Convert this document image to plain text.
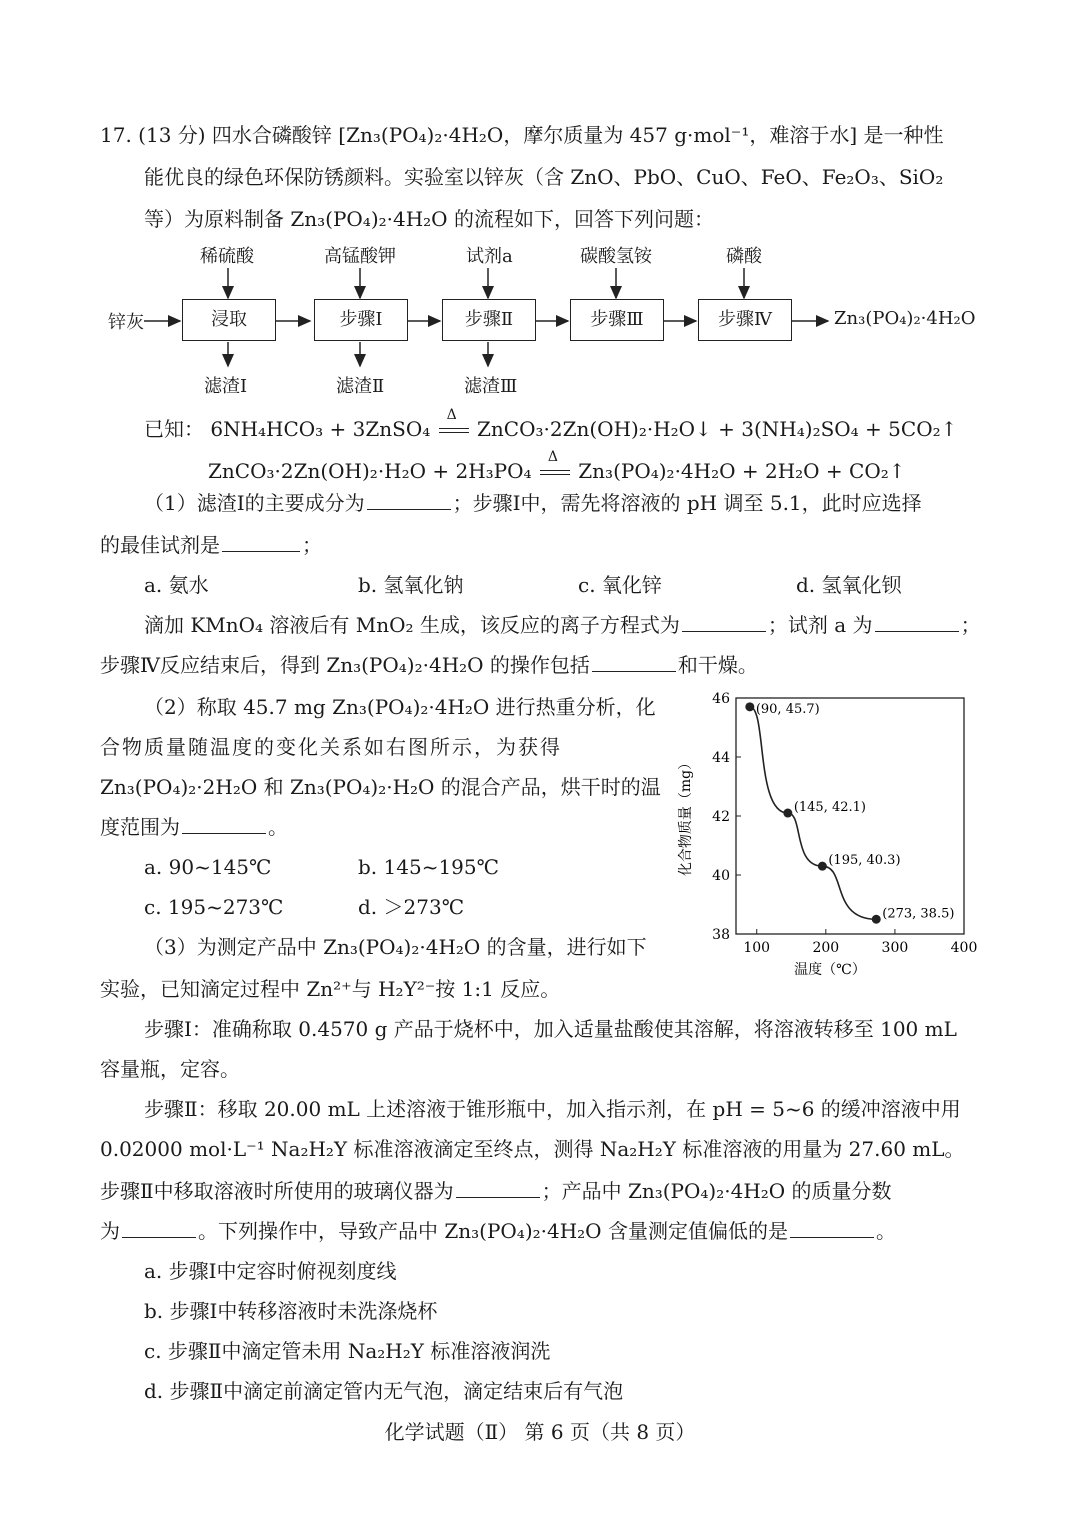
17. (13 分) 四水合磷酸锌 [Zn₃(PO₄)₂·4H₂O，摩尔质量为 457 g·mol⁻¹，难溶于水] 是一种性
能优良的绿色环保防锈颜料。实验室以锌灰（含 ZnO、PbO、CuO、FeO、Fe₂O₃、SiO₂
等）为原料制备 Zn₃(PO₄)₂·4H₂O 的流程如下，回答下列问题：
稀硫酸	高锰酸钾	试剂a	碳酸氢铵	磷酸
锌灰	浸取	步骤Ⅰ	步骤Ⅱ	步骤Ⅲ	步骤Ⅳ	Zn₃(PO₄)₂·4H₂O
滤渣Ⅰ	滤渣Ⅱ	滤渣Ⅲ
已知： 6NH₄HCO₃ + 3ZnSO₄
Δ
ZnCO₃·2Zn(OH)₂·H₂O↓ + 3(NH₄)₂SO₄ + 5CO₂↑
ZnCO₃·2Zn(OH)₂·H₂O + 2H₃PO₄
Δ
Zn₃(PO₄)₂·4H₂O + 2H₂O + CO₂↑
（1）滤渣Ⅰ的主要成分为	；步骤Ⅰ中，需先将溶液的 pH 调至 5.1，此时应选择
的最佳试剂是	；
a. 氨水	b. 氢氧化钠	c. 氧化锌	d. 氢氧化钡
滴加 KMnO₄ 溶液后有 MnO₂ 生成，该反应的离子方程式为	；试剂 a 为	；
步骤Ⅳ反应结束后，得到 Zn₃(PO₄)₂·4H₂O 的操作包括	和干燥。
（2）称取 45.7 mg Zn₃(PO₄)₂·4H₂O 进行热重分析，化
合物质量随温度的变化关系如右图所示，为获得
Zn₃(PO₄)₂·2H₂O 和 Zn₃(PO₄)₂·H₂O 的混合产品，烘干时的温
度范围为	。
a. 90~145℃	b. 145~195℃
c. 195~273℃	d. ＞273℃
38
40
42
44
46
100	200	300	400
温度（℃）
化合物质量（mg）
(90, 45.7)
(145, 42.1)
(195, 40.3)
(273, 38.5)
（3）为测定产品中 Zn₃(PO₄)₂·4H₂O 的含量，进行如下
实验，已知滴定过程中 Zn²⁺与 H₂Y²⁻按 1:1 反应。
步骤Ⅰ：准确称取 0.4570 g 产品于烧杯中，加入适量盐酸使其溶解，将溶液转移至 100 mL
容量瓶，定容。
步骤Ⅱ：移取 20.00 mL 上述溶液于锥形瓶中，加入指示剂，在 pH = 5~6 的缓冲溶液中用
0.02000 mol·L⁻¹ Na₂H₂Y 标准溶液滴定至终点，测得 Na₂H₂Y 标准溶液的用量为 27.60 mL。
步骤Ⅱ中移取溶液时所使用的玻璃仪器为	；产品中 Zn₃(PO₄)₂·4H₂O 的质量分数
为	。下列操作中，导致产品中 Zn₃(PO₄)₂·4H₂O 含量测定值偏低的是	。
a. 步骤Ⅰ中定容时俯视刻度线
b. 步骤Ⅰ中转移溶液时未洗涤烧杯
c. 步骤Ⅱ中滴定管未用 Na₂H₂Y 标准溶液润洗
d. 步骤Ⅱ中滴定前滴定管内无气泡，滴定结束后有气泡
化学试题（Ⅱ） 第 6 页（共 8 页）
